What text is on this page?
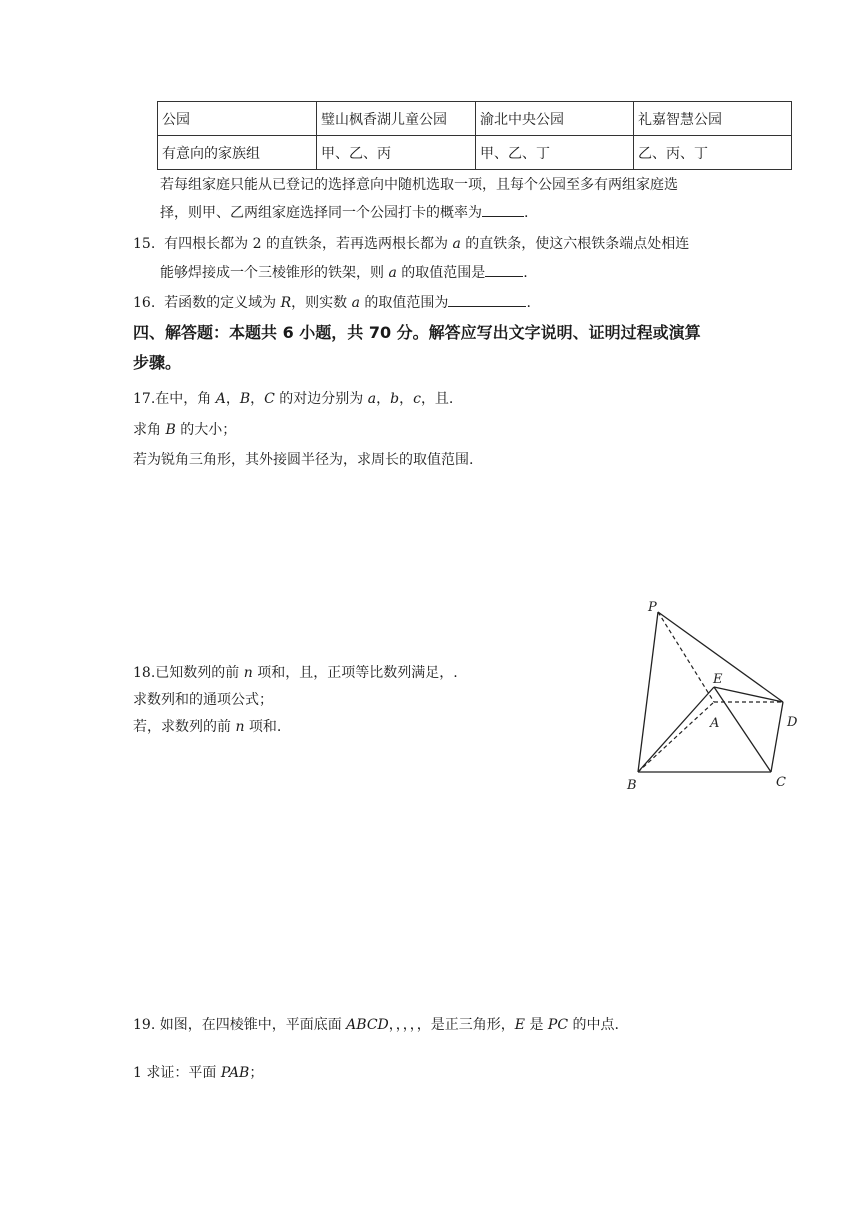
公园	璧山枫香湖儿童公园	渝北中央公园	礼嘉智慧公园
有意向的家族组	甲、乙、丙	甲、乙、丁	乙、丙、丁
若每组家庭只能从已登记的选择意向中随机选取一项，且每个公园至多有两组家庭选
择，则甲、乙两组家庭选择同一个公园打卡的概率为	.
15. 有四根长都为 2 的直铁条，若再选两根长都为 a 的直铁条，使这六根铁条端点处相连
能够焊接成一个三棱锥形的铁架，则 a 的取值范围是	.
16. 若函数的定义域为 R，则实数 a 的取值范围为	.
四、解答题：本题共 6 小题，共 70 分。解答应写出文字说明、证明过程或演算
步骤。
17.在中，角 A，B，C 的对边分别为 a，b，c，且.
求角 B 的大小；
若为锐角三角形，其外接圆半径为，求周长的取值范围.
18.已知数列的前 n 项和，且，正项等比数列满足，.
求数列和的通项公式；
若，求数列的前 n 项和.
P
E
A	D
B	C
19. 如图，在四棱锥中，平面底面 ABCD，，，，，是正三角形，E 是 PC 的中点.
1 求证：平面 PAB；
